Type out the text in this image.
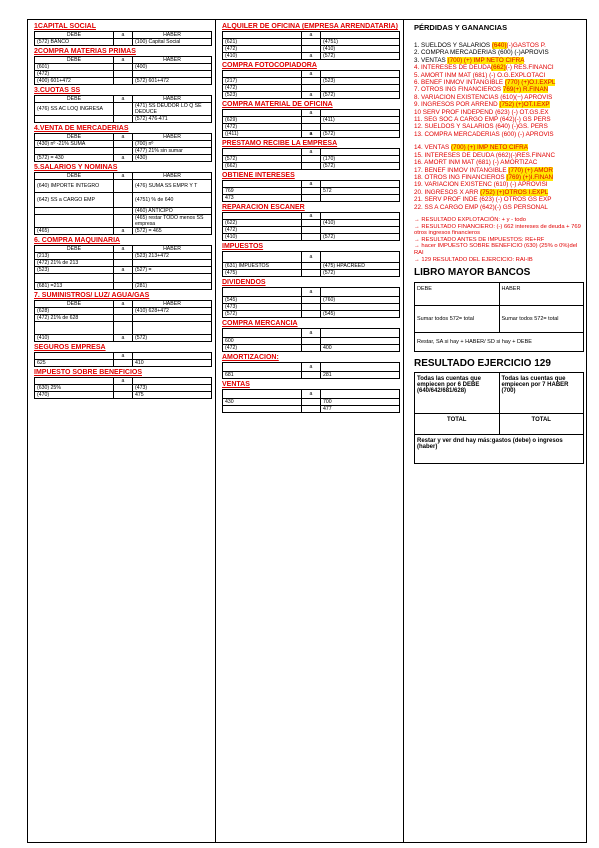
1CAPITAL SOCIAL
DEBE	a	HABER
(572) BANCO		(100) Capital Social
2COMPRA MATERIAS PRIMAS
DEBE	a	HABER
(601)		(400)
(472)		
(400) 601+472		(572) 601+472
3.CUOTAS SS
DEBE	a	HABER
(476) SS AC LOQ INGRESA		(471) SS DEUDOR LO Q SE DEDUCE
		(572) 476-471
4.VENTA DE MERCADERÍAS
DEBE	a	HABER
(430) nº -21% SUMA		(700) nº
		(477) 21% sin sumar
(572) = 430	a	(430)
5.SALARIOS Y NÓMINAS
DEBE	a	HABER
(640) IMPORTE INTEGRO		(476) SUMA SS EMPR Y T
(642) SS a CARGO EMP		(4751) % de 640
		(460) ANTICIPO
		(465) restar TODO menos SS empresa
(465)	a	(572) = 465
6. COMPRA MAQUINARIA
DEBE	a	HABER
(213)		(523) 213+472
(472) 21% de 213		
(523)	a	(527) =

(681) =213		(281)
7. SUMINISTROS/ LUZ/ AGUA/GAS
DEBE	a	HABER
(628)		(410) 628+472
(472) 21% de 628		

(410)	a	(572)
SEGUROS EMPRESA
	a	
625		410
IMPUESTO SOBRE BENEFICIOS
	a	
(630) 25%		(473)
(470)		475
ALQUILER DE OFICINA (EMPRESA ARRENDATARIA)
	a	
(621)		(4751)
(472)		(410)
(410)	a	(572)
COMPRA FOTOCOPIADORA
	a	
(217)		(523)
(472)		
(523)	a	(572)
COMPRA MATERIAL DE OFICINA
	a	
(629)		(411)
(472)		
((411)	a	(572)
PRÉSTAMO RECIBE LA EMPRESA
	a	
(572)		(170)
(662)		(572)
OBTIENE INTERESES
	a	
769		572
473		
REPARACIÓN ESCANER
	a	
(622)		(410)
(472)		
(410)		(572)
IMPUESTOS
	a	
(631) IMPUESTOS		(475) HPACREED
(475)		(572)
DIVIDENDOS
	a	
(545)		(760)
(473)		
(572)		(545)
COMPRA MERCANCÍA
	a	
600		
(472)		400
AMORTIZACIÓN:
	a	
681		281
VENTAS
	a	
430		700
		477
PÉRDIDAS Y GANANCIAS
1. SUELDOS Y SALARIOS (640)(-)GASTOS P.
2. COMPRA MERCADERIAS (600) (-)APROVIS
3. VENTAS (700) (+) IMP NETO CIFRA
4. INTERESES DE DEUDA(662)(-) RES.FINANCI
5. AMORT INM MAT (681) (-) O.G.EXPLOTACI
6. BENEF INMOV INTANGIBLE (770) (+)O.I.EXPL
7. OTROS ING FINANCIEROS 769(+) R.FINAN
8. VARIACIÓN EXISTENCIAS (610)(−) APROVIS
9. INGRESOS POR ARREND (752) (+)OT.I.EXP
10 SERV PROF INDEPEND (623) (-) OT.GS.EX
11. SEG SOC A CARGO EMP (642)(-) GS PERS
12. SUELDOS Y SALARIOS (640) (-)GS. PERS
13. COMPRA MERCADERIAS (600) (-) APROVIS
14. VENTAS (700) (+) IMP NETO CIFRA
15. INTERESES DE DEUDA (662)(-)RES.FINANC
16. AMORT INM MAT (681) (-) AMORTIZAC
17. BENEF INMOV INTANGIBLE (770) (+) AMOR
18. OTROS ING FINANCIEROS (769) (+)I.FINAN
19. VARIACIÓN EXISTENC (610) (-) APROVISI
20. INGRESOS X ARR (752) (+)OTROS I.EXPL
21. SERV PROF INDE (623) (-) OTROS GS EXP
22. SS A CARGO EMP (642)(-) GS PERSONAL
→ RESULTADO EXPLOTACIÓN: + y - todo
→ RESULTADO FINANCIERO: (-) 662 intereses de deuda + 769 otros ingresos financieros
→ RESULTADO ANTES DE IMPUESTOS: RE+RF
→ hacer IMPUESTO SOBRE BENEFICIO (630) (25% o 0%)del RAI
→ 129 RESULTADO DEL EJERCICIO: RAI-IB
LIBRO MAYOR BANCOS
DEBE	HABER
Sumar todos 572= total	Sumar todos 572= total
Restar, SA si hay + HABER/ SD si hay + DEBE	
RESULTADO EJERCICIO 129
Todas las cuentas que empiecen por 6 DEBE (640/642/681/628)	Todas las cuentas que empiecen por 7 HABER (700)
TOTAL	TOTAL
Restar y ver dnd hay más:gastos (debe) o ingresos (haber)	
